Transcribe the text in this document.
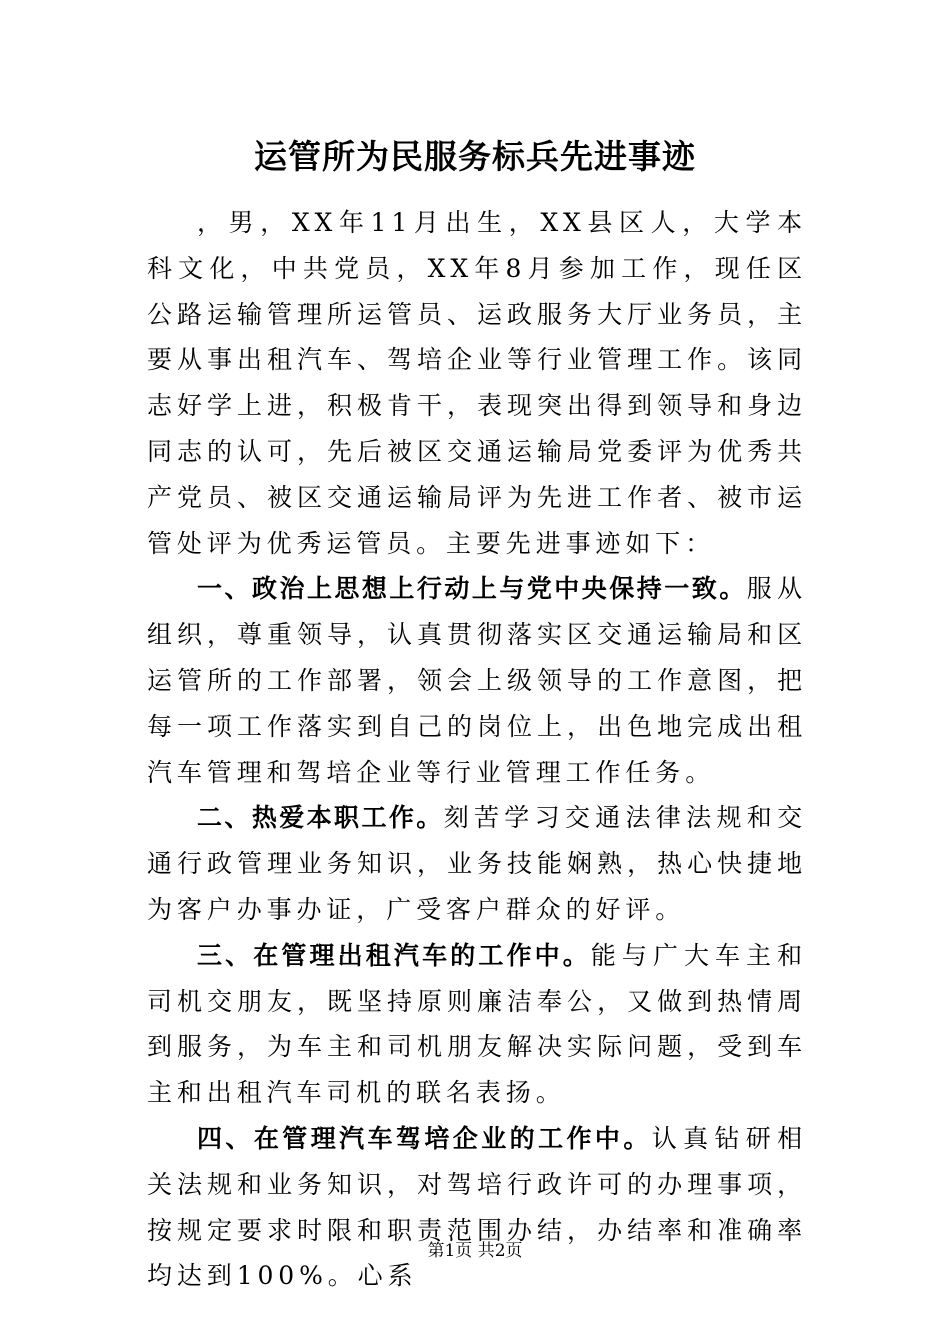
运管所为民服务标兵先进事迹

，男，XX年11月出生，XX县区人，大学本科文化，中共党员，XX年8月参加工作，现任区公路运输管理所运管员、运政服务大厅业务员，主要从事出租汽车、驾培企业等行业管理工作。该同志好学上进，积极肯干，表现突出得到领导和身边同志的认可，先后被区交通运输局党委评为优秀共产党员、被区交通运输局评为先进工作者、被市运管处评为优秀运管员。主要先进事迹如下：

一、政治上思想上行动上与党中央保持一致。服从组织，尊重领导，认真贯彻落实区交通运输局和区运管所的工作部署，领会上级领导的工作意图，把每一项工作落实到自己的岗位上，出色地完成出租汽车管理和驾培企业等行业管理工作任务。

二、热爱本职工作。刻苦学习交通法律法规和交通行政管理业务知识，业务技能娴熟，热心快捷地为客户办事办证，广受客户群众的好评。

三、在管理出租汽车的工作中。能与广大车主和司机交朋友，既坚持原则廉洁奉公，又做到热情周到服务，为车主和司机朋友解决实际问题，受到车主和出租汽车司机的联名表扬。

四、在管理汽车驾培企业的工作中。认真钻研相关法规和业务知识，对驾培行政许可的办理事项，按规定要求时限和职责范围办结，办结率和准确率均达到100%。心系

第1页 共2页
